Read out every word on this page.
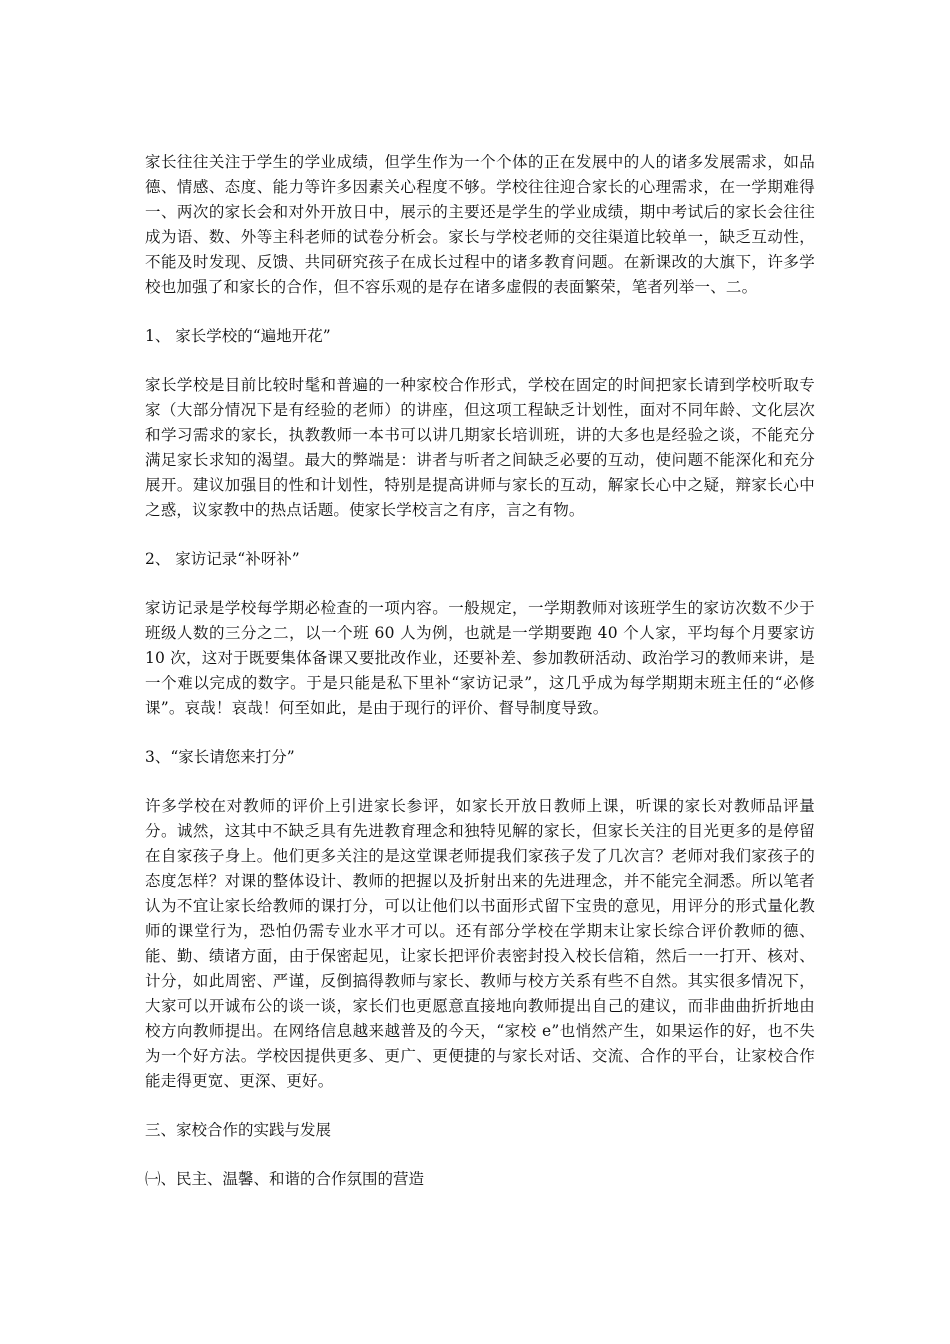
家长往往关注于学生的学业成绩，但学生作为一个个体的正在发展中的人的诸多发展需求，如品德、情感、态度、能力等许多因素关心程度不够。学校往往迎合家长的心理需求，在一学期难得一、两次的家长会和对外开放日中，展示的主要还是学生的学业成绩，期中考试后的家长会往往成为语、数、外等主科老师的试卷分析会。家长与学校老师的交往渠道比较单一，缺乏互动性，不能及时发现、反馈、共同研究孩子在成长过程中的诸多教育问题。在新课改的大旗下，许多学校也加强了和家长的合作，但不容乐观的是存在诸多虚假的表面繁荣，笔者列举一、二。

1、 家长学校的“遍地开花”

家长学校是目前比较时髦和普遍的一种家校合作形式，学校在固定的时间把家长请到学校听取专家（大部分情况下是有经验的老师）的讲座，但这项工程缺乏计划性，面对不同年龄、文化层次和学习需求的家长，执教教师一本书可以讲几期家长培训班，讲的大多也是经验之谈，不能充分满足家长求知的渴望。最大的弊端是：讲者与听者之间缺乏必要的互动，使问题不能深化和充分展开。建议加强目的性和计划性，特别是提高讲师与家长的互动，解家长心中之疑，辩家长心中之惑，议家教中的热点话题。使家长学校言之有序，言之有物。

2、 家访记录“补呀补”

家访记录是学校每学期必检查的一项内容。一般规定，一学期教师对该班学生的家访次数不少于班级人数的三分之二，以一个班 60 人为例，也就是一学期要跑 40 个人家，平均每个月要家访 10 次，这对于既要集体备课又要批改作业，还要补差、参加教研活动、政治学习的教师来讲，是一个难以完成的数字。于是只能是私下里补“家访记录”，这几乎成为每学期期末班主任的“必修课”。哀哉！哀哉！何至如此，是由于现行的评价、督导制度导致。

3、“家长请您来打分”

许多学校在对教师的评价上引进家长参评，如家长开放日教师上课，听课的家长对教师品评量分。诚然，这其中不缺乏具有先进教育理念和独特见解的家长，但家长关注的目光更多的是停留在自家孩子身上。他们更多关注的是这堂课老师提我们家孩子发了几次言？老师对我们家孩子的态度怎样？对课的整体设计、教师的把握以及折射出来的先进理念，并不能完全洞悉。所以笔者认为不宜让家长给教师的课打分，可以让他们以书面形式留下宝贵的意见，用评分的形式量化教师的课堂行为，恐怕仍需专业水平才可以。还有部分学校在学期末让家长综合评价教师的德、能、勤、绩诸方面，由于保密起见，让家长把评价表密封投入校长信箱，然后一一打开、核对、计分，如此周密、严谨，反倒搞得教师与家长、教师与校方关系有些不自然。其实很多情况下，大家可以开诚布公的谈一谈，家长们也更愿意直接地向教师提出自己的建议，而非曲曲折折地由校方向教师提出。在网络信息越来越普及的今天，“家校 e”也悄然产生，如果运作的好，也不失为一个好方法。学校因提供更多、更广、更便捷的与家长对话、交流、合作的平台，让家校合作能走得更宽、更深、更好。

三、家校合作的实践与发展

㈠、民主、温馨、和谐的合作氛围的营造
